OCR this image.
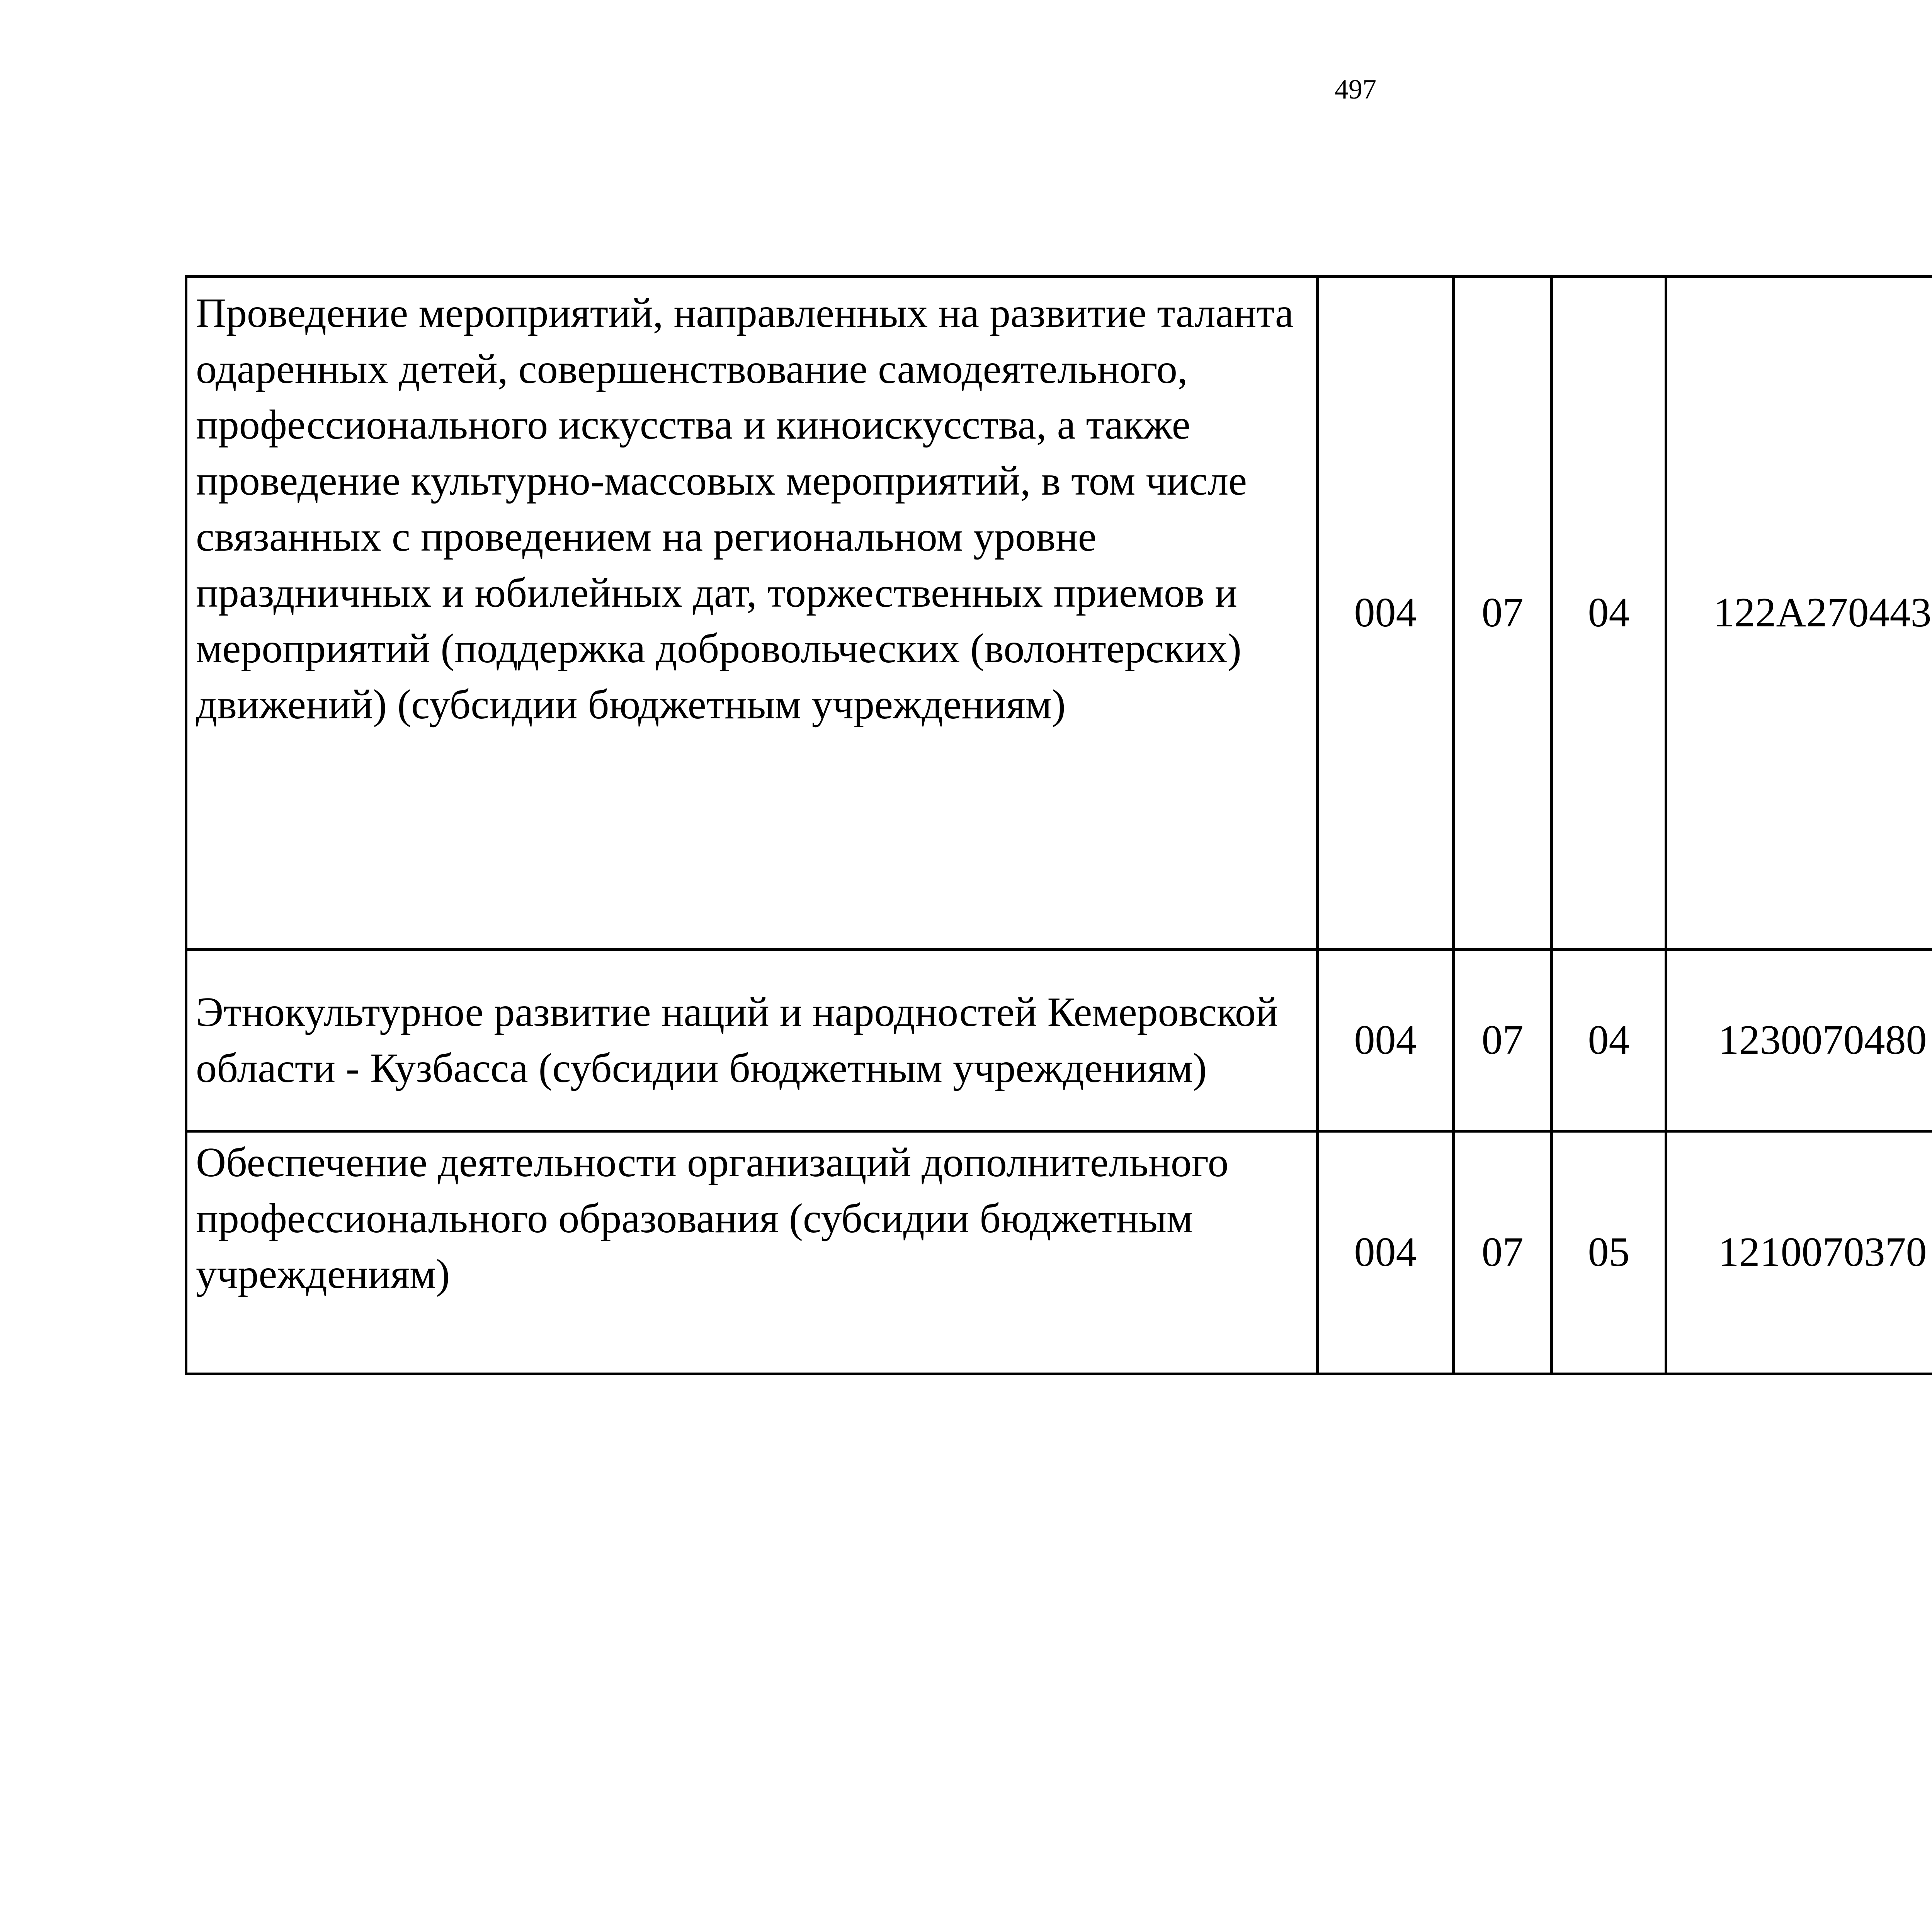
497
Проведение мероприятий, направленных на развитие таланта одаренных детей, совершенствование самодеятельного, профессионального искусства и киноискусства, а также проведение культурно-массовых мероприятий, в том числе связанных с проведением на региональном уровне праздничных и юбилейных дат, торжественных приемов и мероприятий (поддержка добровольческих (волонтерских) движений) (субсидии бюджетным учреждениям)	004	07	04	122А270443		
Этнокультурное развитие наций и народностей Кемеровской области - Кузбасса (субсидии бюджетным учреждениям)	004	07	04	1230070480		
Обеспечение деятельности организаций дополнительного профессионального образования (субсидии бюджетным учреждениям)	004	07	05	1210070370		
